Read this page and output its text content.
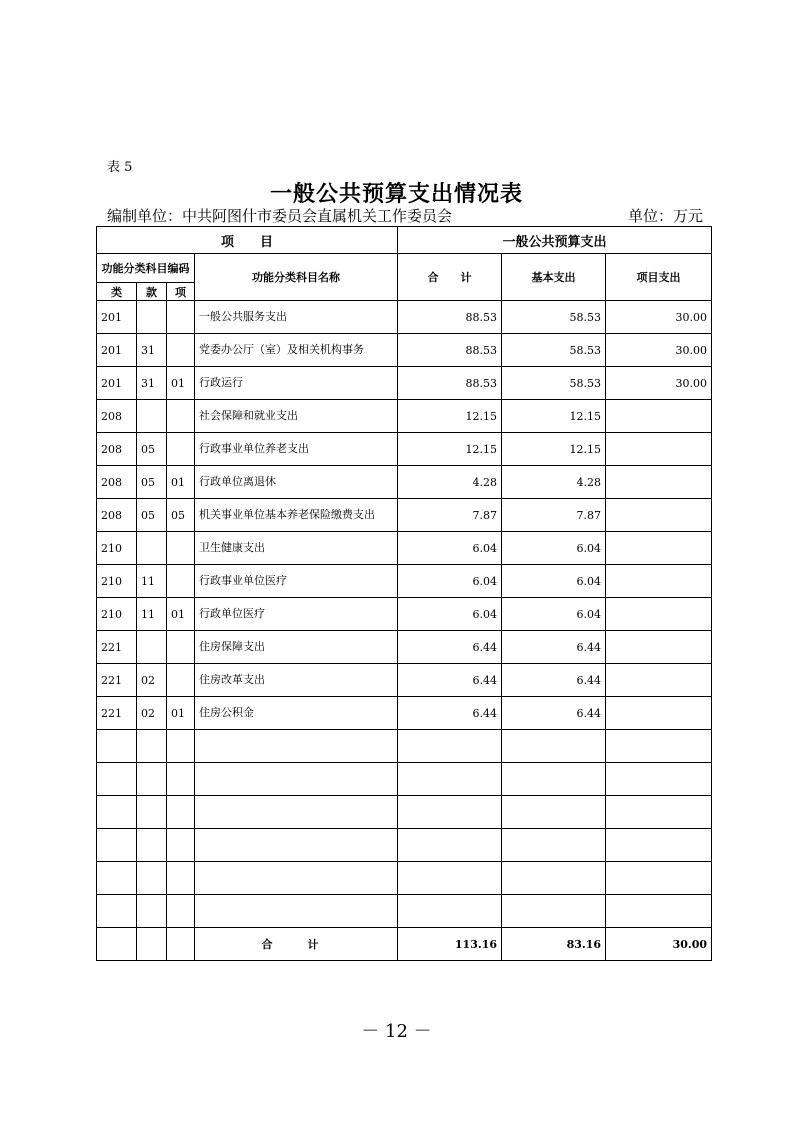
表 5
一般公共预算支出情况表
编制单位：中共阿图什市委员会直属机关工作委员会	单位：万元
项　　目				一般公共预算支出		
功能分类科目编码			功能分类科目名称	合　　计	基本支出	项目支出
类	款	项				
201			一般公共服务支出	88.53	58.53	30.00
201	31		党委办公厅（室）及相关机构事务	88.53	58.53	30.00
201	31	01	行政运行	88.53	58.53	30.00
208			社会保障和就业支出	12.15	12.15	
208	05		行政事业单位养老支出	12.15	12.15	
208	05	01	行政单位离退休	4.28	4.28	
208	05	05	机关事业单位基本养老保险缴费支出	7.87	7.87	
210			卫生健康支出	6.04	6.04	
210	11		行政事业单位医疗	6.04	6.04	
210	11	01	行政单位医疗	6.04	6.04	
221			住房保障支出	6.44	6.44	
221	02		住房改革支出	6.44	6.44	
221	02	01	住房公积金	6.44	6.44	

			合　计	113.16	83.16	30.00
－ 12 －
